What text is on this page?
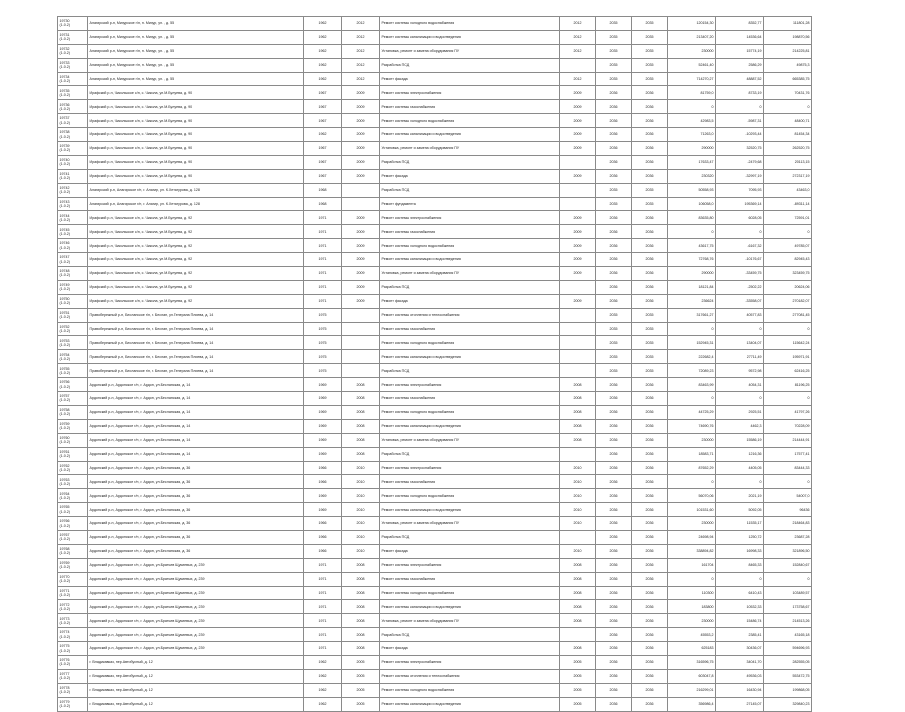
19730
(1.0.2)	Алагирский р-н, Мизурское г/п, п. Мизур, ул. , д. 55	1962	2012	Ремонт системы холодного водоснабжения	2012	2035	2035	120154,30	8352,77	111801,28

19731
(1.0.2)	Алагирский р-н, Мизурское г/п, п. Мизур, ул. , д. 55	1962	2012	Ремонт системы канализации и водоотведения	2012	2035	2035	213407,20	14536,64	198870,56

19732
(1.0.2)	Алагирский р-н, Мизурское г/п, п. Мизур, ул. , д. 55	1962	2012	Установка, ремонт и замена оборудования ПУ	2012	2035	2035	230000	15774,19	214225,81

19733
(1.0.2)	Алагирский р-н, Мизурское г/п, п. Мизур, ул. , д. 55	1962	2012	Разработка ПСД		2035	2035	52461,40	2586,29	49875,3

19734
(1.0.2)	Алагирский р-н, Мизурское г/п, п. Мизур, ул. , д. 55	1962	2012	Ремонт фасада	2012	2035	2035	714270,27	48887,52	665385,75

19735
(1.0.2)	Ирафский р-н, Чикольское с/п, с. Чикола, ул.М.Булуева, д. 90	1967	2009	Ремонт системы электроснабжения	2009	2036	2036	81759,0	8733,19	70431,76

19736
(1.0.2)	Ирафский р-н, Чикольское с/п, с. Чикола, ул.М.Булуева, д. 90	1967	2009	Ремонт системы газоснабжения	2009	2036	2036	0	0	0

19737
(1.0.2)	Ирафский р-н, Чикольское с/п, с. Чикола, ул.М.Булуева, д. 90	1967	2009	Ремонт системы холодного водоснабжения	2009	2036	2036	42983,5	-5987,31	48400,71

19738
(1.0.2)	Ирафский р-н, Чикольское с/п, с. Чикола, ул.М.Булуева, д. 90	1962	2009	Ремонт системы канализации и водоотведения	2009	2036	2036	71263,0	-10293,44	81454,34

19739
(1.0.2)	Ирафский р-н, Чикольское с/п, с. Чикола, ул.М.Булуева, д. 90	1967	2009	Установка, ремонт и замена оборудования ПУ	2009	2036	2036	290000	32520,75	262520,75

19740
(1.0.2)	Ирафский р-н, Чикольское с/п, с. Чикола, ул.М.Булуева, д. 90	1967	2009	Разработка ПСД		2036	2036	17633,47	-2479,68	20113,15

19741
(1.0.2)	Ирафский р-н, Чикольское с/п, с. Чикола, ул.М.Булуева, д. 90	1967	2009	Ремонт фасада	2009	2036	2036	230320	-32997,19	272317,19

19742
(1.0.2)	Алагирский р-н, Алагирское г/п, г. Алагир, ул. К.Хетагурова, д. 128	1968		Разработка ПСД		2035	2035	50558,93	7095,93	43463,0

19743
(1.0.2)	Алагирский р-н, Алагирское г/п, г. Алагир, ул. К.Хетагурова, д. 128	1968		Ремонт фундамента		2035	2035	106058,0	195369,14	-89311,14

19744
(1.0.2)	Ирафский р-н, Чикольское с/п, с. Чикола, ул.М.Булуева, д. 92	1971	2009	Ремонт системы электроснабжения	2009	2036	2036	83635,80	6028,05	72591,01

19745
(1.0.2)	Ирафский р-н, Чикольское с/п, с. Чикола, ул.М.Булуева, д. 92	1971	2009	Ремонт системы газоснабжения	2009	2036	2036	0	0	0

19746
(1.0.2)	Ирафский р-н, Чикольское с/п, с. Чикола, ул.М.Булуева, д. 92	1971	2009	Ремонт системы холодного водоснабжения	2009	2036	2036	43617,75	-6167,32	49785,07

19747
(1.0.2)	Ирафский р-н, Чикольское с/п, с. Чикола, ул.М.Булуева, д. 92	1971	2009	Ремонт системы канализации и водоотведения	2009	2036	2036	72768,76	-10176,67	82945,43

19748
(1.0.2)	Ирафский р-н, Чикольское с/п, с. Чикола, ул.М.Булуева, д. 92	1971	2009	Установка, ремонт и замена оборудования ПУ	2009	2036	2036	290000	-33459,75	323459,75

19749
(1.0.2)	Ирафский р-н, Чикольское с/п, с. Чикола, ул.М.Булуева, д. 92	1971	2009	Разработка ПСД		2036	2036	18121,84	-2502,22	20624,06

19750
(1.0.2)	Ирафский р-н, Чикольское с/п, с. Чикола, ул.М.Булуева, д. 92	1971	2009	Ремонт фасада	2009	2036	2036	236624	-33558,07	270182,07

19751
(1.0.2)	Правобережный р-н, Бесланское г/п, г. Беслан, ул.Генерала Плиева, д. 14	1975		Ремонт системы отопления и теплоснабжения		2035	2035	317661,27	40577,83	277081,45

19752
(1.0.2)	Правобережный р-н, Бесланское г/п, г. Беслан, ул.Генерала Плиева, д. 14	1975		Ремонт системы газоснабжения		2035	2035	0	0	0

19753
(1.0.2)	Правобережный р-н, Бесланское г/п, г. Беслан, ул.Генерала Плиева, д. 14	1975		Ремонт системы холодного водоснабжения		2035	2035	152945,31	13404,07	115642,24

19754
(1.0.2)	Правобережный р-н, Бесланское г/п, г. Беслан, ул.Генерала Плиева, д. 14	1975		Ремонт системы канализации и водоотведения		2035	2035	222682,4	27711,49	195971,91

19755
(1.0.2)	Правобережный р-н, Бесланское г/п, г. Беслан, ул.Генерала Плиева, д. 14	1975		Разработка ПСД		2035	2035	72089,23	9572,98	62416,25

19756
(1.0.2)	Ардонский р-н, Ардонское г/п, г. Ардон, ул.Бесланская, д. 14	1969	2008	Ремонт системы электроснабжения	2008	2036	2036	83463,99	4054,31	81196,25

19757
(1.0.2)	Ардонский р-н, Ардонское г/п, г. Ардон, ул.Бесланская, д. 14	1969	2008	Ремонт системы газоснабжения	2008	2036	2036	0	0	0

19758
(1.0.2)	Ардонский р-н, Ардонское г/п, г. Ардон, ул.Бесланская, д. 14	1969	2008	Ремонт системы холодного водоснабжения	2008	2036	2036	44725,29	2925,51	41797,26

19759
(1.0.2)	Ардонский р-н, Ардонское г/п, г. Ардон, ул.Бесланская, д. 14	1969	2008	Ремонт системы канализации и водоотведения	2008	2036	2036	74690,76	4462,3	70228,09

19760
(1.0.2)	Ардонский р-н, Ардонское г/п, г. Ардон, ул.Бесланская, д. 14	1969	2008	Установка, ремонт и замена оборудования ПУ	2008	2036	2036	230000	15586,19	214444,91

19761
(1.0.2)	Ардонский р-н, Ардонское г/п, г. Ардон, ул.Бесланская, д. 14	1969	2008	Разработка ПСД		2036	2036	18583,71	1216,36	17577,41

19762
(1.0.2)	Ардонский р-н, Ардонское г/п, г. Ардон, ул.Бесланская, д. 36	1966	2010	Ремонт системы электроснабжения	2010	2036	2036	87652,29	4405,05	83444,33

19763
(1.0.2)	Ардонский р-н, Ардонское г/п, г. Ардон, ул.Бесланская, д. 36	1966	2010	Ремонт системы газоснабжения	2010	2036	2036	0	0	0

19764
(1.0.2)	Ардонский р-н, Ардонское г/п, г. Ардон, ул.Бесланская, д. 36	1969	2010	Ремонт системы холодного водоснабжения	2010	2036	2036	56070,06	2021,19	54007,0

19765
(1.0.2)	Ардонский р-н, Ардонское г/п, г. Ардон, ул.Бесланская, д. 36	1969	2010	Ремонт системы канализации и водоотведения	2010	2036	2036	101531,60	5092,05	96436

19766
(1.0.2)	Ардонский р-н, Ардонское г/п, г. Ардон, ул.Бесланская, д. 36	1966	2010	Установка, ремонт и замена оборудования ПУ	2010	2036	2036	230000	11535,17	218464,83

19767
(1.0.2)	Ардонский р-н, Ардонское г/п, г. Ардон, ул.Бесланская, д. 36	1966	2010	Разработка ПСД		2036	2036	24698,94	1250,72	23687,28

19768
(1.0.2)	Ардонский р-н, Ардонское г/п, г. Ардон, ул.Бесланская, д. 36	1966	2010	Ремонт фасада	2010	2036	2036	338894,82	16998,33	321896,50

19769
(1.0.2)	Ардонский р-н, Ардонское г/п, г. Ардон, ул.Братьев Щукиевых, д. 239	1971	2008	Ремонт системы электроснабжения	2008	2036	2036	161704	8465,33	152840,67

19770
(1.0.2)	Ардонский р-н, Ардонское г/п, г. Ардон, ул.Братьев Щукиевых, д. 239	1971	2008	Ремонт системы газоснабжения	2008	2036	2036	0	0	0

19771
(1.0.2)	Ардонский р-н, Ардонское г/п, г. Ардон, ул.Братьев Щукиевых, д. 239	1971	2008	Ремонт системы холодного водоснабжения	2008	2036	2036	110300	6410,43	103489,57

19772
(1.0.2)	Ардонский р-н, Ардонское г/п, г. Ардон, ул.Братьев Щукиевых, д. 239	1971	2008	Ремонт системы канализации и водоотведения	2008	2036	2036	183800	10532,33	173758,67

19773
(1.0.2)	Ардонский р-н, Ардонское г/п, г. Ардон, ул.Братьев Щукиевых, д. 239	1971	2008	Установка, ремонт и замена оборудования ПУ	2008	2036	2036	230000	15486,74	214513,26

19774
(1.0.2)	Ардонский р-н, Ардонское г/п, г. Ардон, ул.Братьев Щукиевых, д. 239	1971	2008	Разработка ПСД		2036	2036	45553,2	2385,41	43165,18

19775
(1.0.2)	Ардонский р-н, Ардонское г/п, г. Ардон, ул.Братьев Щукиевых, д. 239	1971	2008	Ремонт фасада	2008	2036	2036	625183	30436,07	594696,93

19776
(1.0.2)	г. Владикавказ, пер.Автобусный, д. 12	1962	2005	Ремонт системы электроснабжения	2005	2036	2036	316596,75	34041,70	282555,05

19777
(1.0.2)	г. Владикавказ, пер.Автобусный, д. 12	1962	2005	Ремонт системы отопления и теплоснабжения	2005	2036	2036	603047,8	49536,03	553472,75

19778
(1.0.2)	г. Владикавказ, пер.Автобусный, д. 12	1962	2005	Ремонт системы холодного водоснабжения	2005	2036	2036	216299,01	16430,94	199868,05

19779
(1.0.2)	г. Владикавказ, пер.Автобусный, д. 12	1962	2005	Ремонт системы канализации и водоотведения	2005	2036	2036	356986,4	27145,07	329840,23
